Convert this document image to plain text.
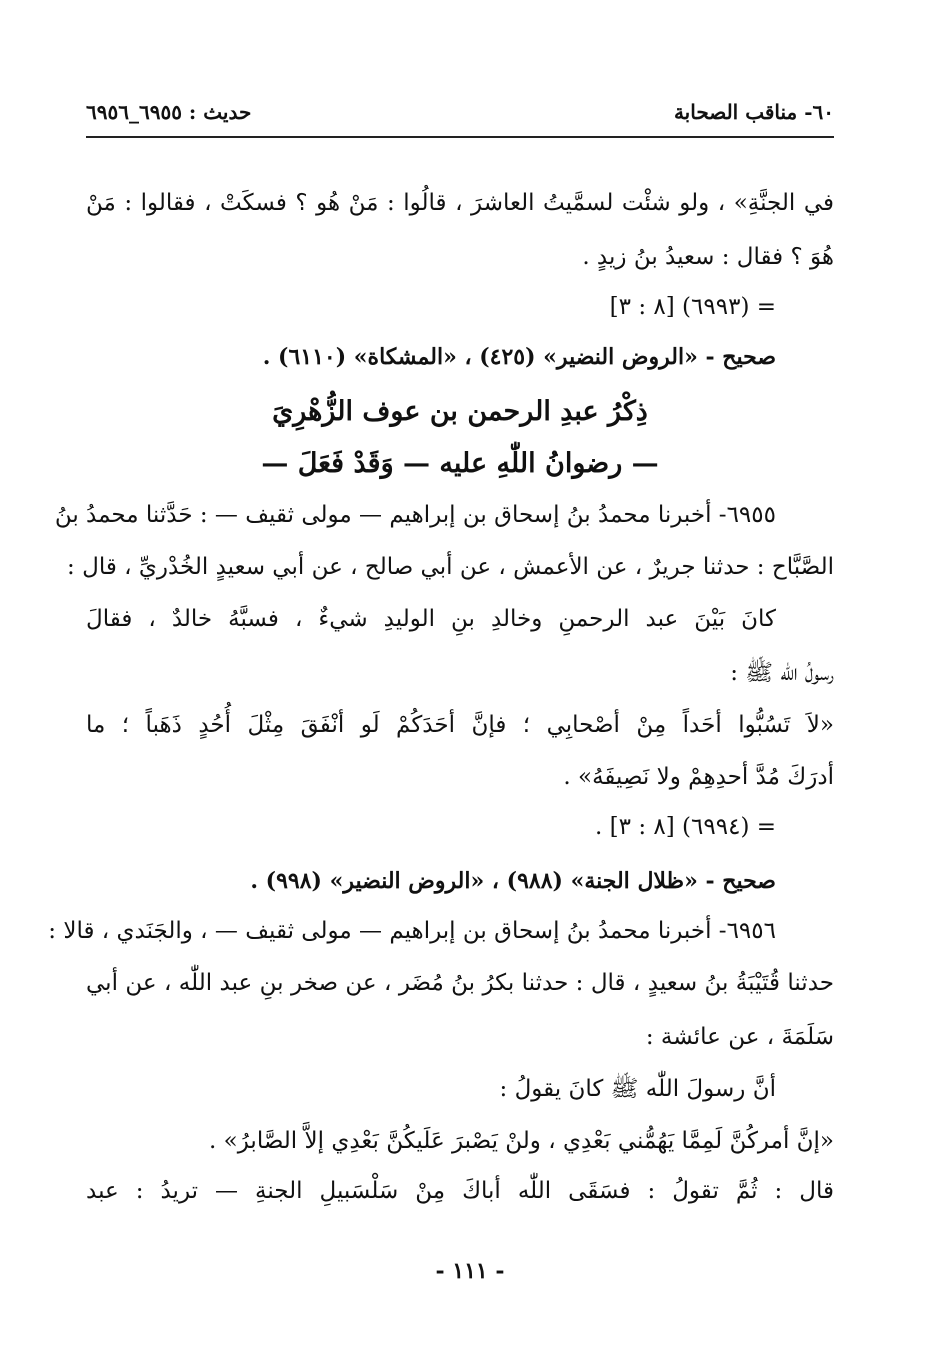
٦٠- مناقب الصحابة
حديث : ٦٩٥٥_٦٩٥٦
في الجنَّةِ» ، ولو شئْت لسمَّيتُ العاشرَ ، قالُوا : مَنْ هُو ؟ فسكَتْ ، فقالوا : مَنْ
هُوَ ؟ فقال : سعيدُ بنُ زيدٍ .
= (٦٩٩٣) [٨ : ٣]
صحيح - «الروض النضير» (٤٢٥) ، «المشكاة» (٦١١٠) .
ذِكْرُ عبدِ الرحمن بن عوف الزُّهْرِيَ
— رضوانُ اللّٰهِ عليه — وَقَدْ فَعَلَ —
٦٩٥٥- أخبرنا محمدُ بنُ إسحاق بن إبراهيم — مولى ثقيف — : حَدَّثنا محمدُ بنُ
الصَّبَّاح : حدثنا جريرٌ ، عن الأعمش ، عن أبي صالح ، عن أبي سعيدٍ الخُدْريِّ ، قال :
كانَ بَيْنَ عبد الرحمنِ وخالدِ بنِ الوليدِ شيءٌ ، فسبَّهُ خالدٌ ، فقالَ
رسولُ اللّٰه ﷺ :
«لاَ تَسُبُّوا أحَداً مِنْ أصْحابِي ؛ فإنَّ أحَدَكُمْ لَو أنْفَقَ مِثْلَ أُحُدٍ ذَهَباً ؛ ما
أدرَكَ مُدَّ أحدِهِمْ ولا نَصِيفَهُ» .
= (٦٩٩٤) [٨ : ٣] .
صحيح - «ظلال الجنة» (٩٨٨) ، «الروض النضير» (٩٩٨) .
٦٩٥٦- أخبرنا محمدُ بنُ إسحاق بن إبراهيم — مولى ثقيف — ، والجَنَدي ، قالا :
حدثنا قُتَيْبَةُ بنُ سعيدٍ ، قال : حدثنا بكرُ بنُ مُضَر ، عن صخر بنِ عبد اللّٰه ، عن أبي
سَلَمَةَ ، عن عائشة :
أنَّ رسولَ اللّٰه ﷺ كانَ يقولُ :
«إنَّ أمركُنَّ لَمِمَّا يَهُمُّني بَعْدِي ، ولنْ يَصْبرَ عَلَيكُنَّ بَعْدِي إلاَّ الصَّابرُ» .
قال : ثُمَّ تقولُ : فسَقَى اللّٰه أباكَ مِنْ سَلْسَبيلِ الجنةِ — تريدُ : عبد
- ١١١ -
